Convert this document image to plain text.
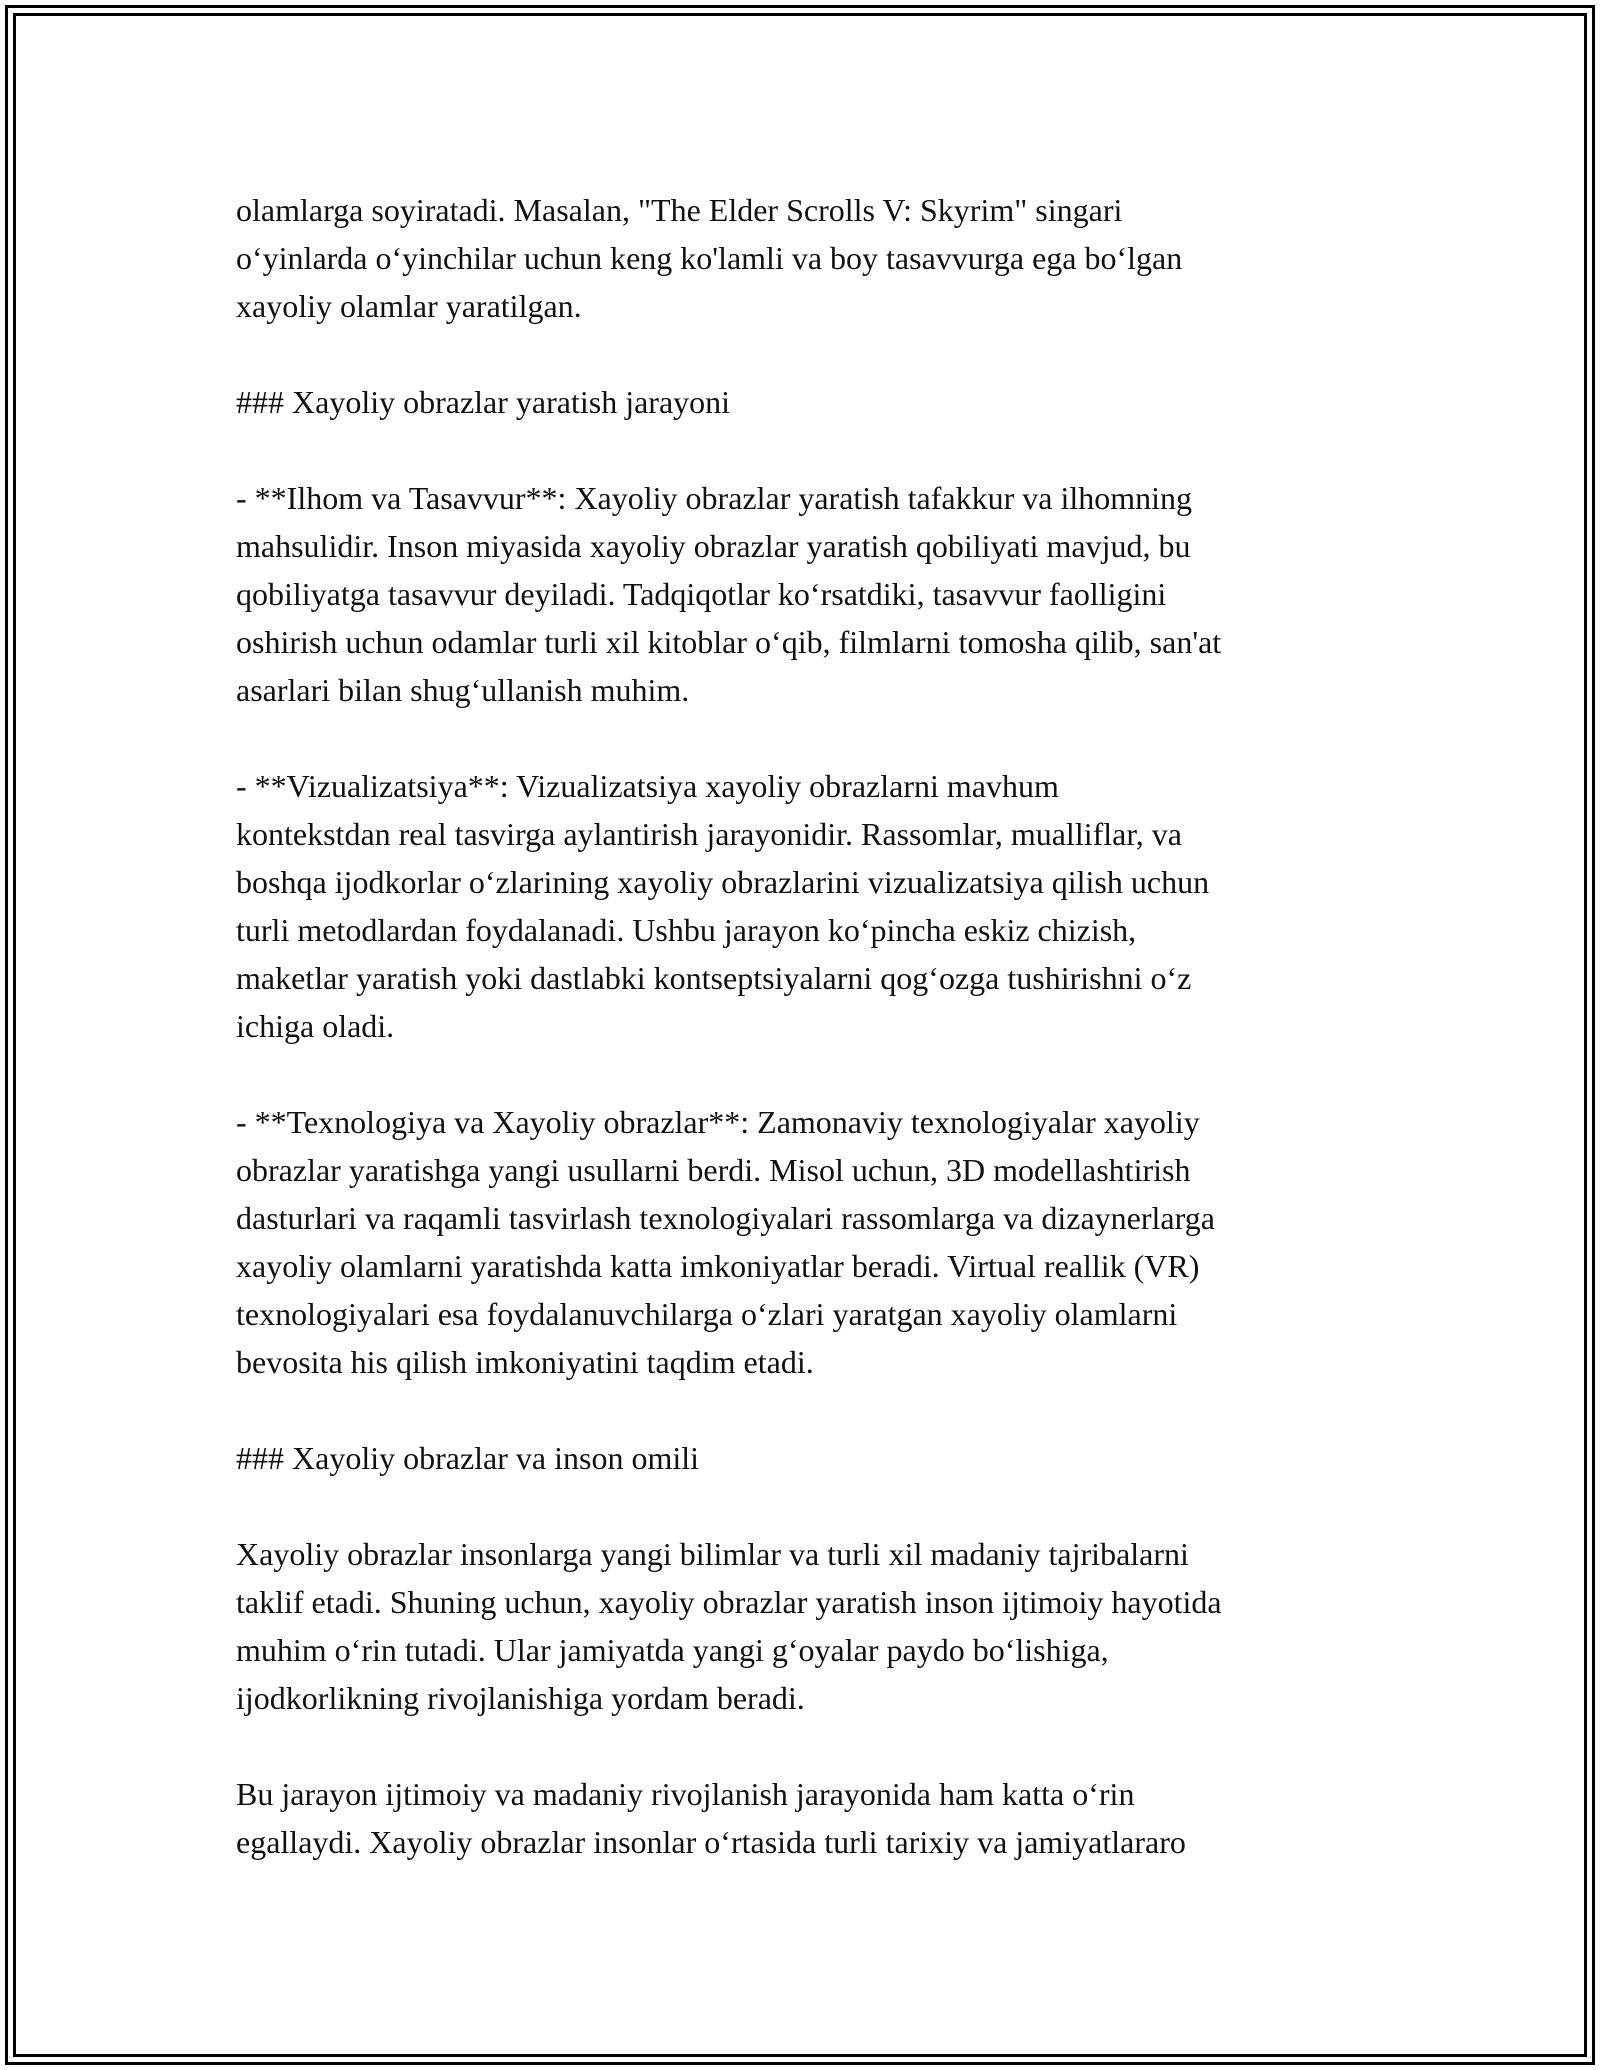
olamlarga soyiratadi. Masalan, "The Elder Scrolls V: Skyrim" singari
o‘yinlarda o‘yinchilar uchun keng ko'lamli va boy tasavvurga ega bo‘lgan
xayoliy olamlar yaratilgan.

### Xayoliy obrazlar yaratish jarayoni

- **Ilhom va Tasavvur**: Xayoliy obrazlar yaratish tafakkur va ilhomning
mahsulidir. Inson miyasida xayoliy obrazlar yaratish qobiliyati mavjud, bu
qobiliyatga tasavvur deyiladi. Tadqiqotlar ko‘rsatdiki, tasavvur faolligini
oshirish uchun odamlar turli xil kitoblar o‘qib, filmlarni tomosha qilib, san'at
asarlari bilan shug‘ullanish muhim.

- **Vizualizatsiya**: Vizualizatsiya xayoliy obrazlarni mavhum
kontekstdan real tasvirga aylantirish jarayonidir. Rassomlar, mualliflar, va
boshqa ijodkorlar o‘zlarining xayoliy obrazlarini vizualizatsiya qilish uchun
turli metodlardan foydalanadi. Ushbu jarayon ko‘pincha eskiz chizish,
maketlar yaratish yoki dastlabki kontseptsiyalarni qog‘ozga tushirishni o‘z
ichiga oladi.

- **Texnologiya va Xayoliy obrazlar**: Zamonaviy texnologiyalar xayoliy
obrazlar yaratishga yangi usullarni berdi. Misol uchun, 3D modellashtirish
dasturlari va raqamli tasvirlash texnologiyalari rassomlarga va dizaynerlarga
xayoliy olamlarni yaratishda katta imkoniyatlar beradi. Virtual reallik (VR)
texnologiyalari esa foydalanuvchilarga o‘zlari yaratgan xayoliy olamlarni
bevosita his qilish imkoniyatini taqdim etadi.

### Xayoliy obrazlar va inson omili

Xayoliy obrazlar insonlarga yangi bilimlar va turli xil madaniy tajribalarni
taklif etadi. Shuning uchun, xayoliy obrazlar yaratish inson ijtimoiy hayotida
muhim o‘rin tutadi. Ular jamiyatda yangi g‘oyalar paydo bo‘lishiga,
ijodkorlikning rivojlanishiga yordam beradi.

Bu jarayon ijtimoiy va madaniy rivojlanish jarayonida ham katta o‘rin
egallaydi. Xayoliy obrazlar insonlar o‘rtasida turli tarixiy va jamiyatlararo
